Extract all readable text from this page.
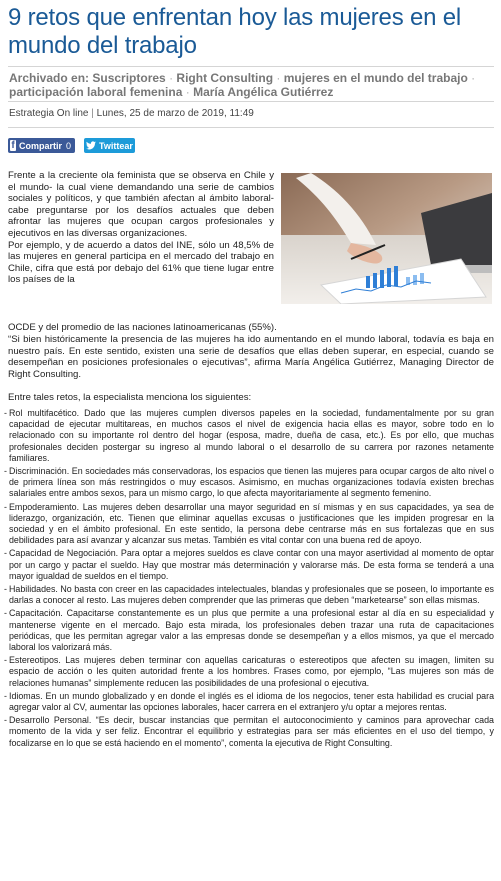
9 retos que enfrentan hoy las mujeres en el mundo del trabajo
Archivado en: Suscriptores · Right Consulting · mujeres en el mundo del trabajo · participación laboral femenina · María Angélica Gutiérrez
Estrategia On line | Lunes, 25 de marzo de 2019, 11:49
f Compartir 0	Twittear

Frente a la creciente ola feminista que se observa en Chile y el mundo- la cual viene demandando una serie de cambios sociales y políticos, y que también afectan al ámbito laboral- cabe preguntarse por los desafíos actuales que deben afrontar las mujeres que ocupan cargos profesionales y ejecutivos en las diversas organizaciones.

Por ejemplo, y de acuerdo a datos del INE, sólo un 48,5% de las mujeres en general participa en el mercado del trabajo en Chile, cifra que está por debajo del 61% que tiene lugar entre los países de la

OCDE y del promedio de las naciones latinoamericanas (55%).
“Si bien históricamente la presencia de las mujeres ha ido aumentando en el mundo laboral, todavía es baja en nuestro país. En este sentido, existen una serie de desafíos que ellas deben superar, en especial, cuando se desempeñan en posiciones profesionales o ejecutivas”, afirma María Angélica Gutiérrez, Managing Director de Right Consulting.
Entre tales retos, la especialista menciona los siguientes:
- Rol multifacético. Dado que las mujeres cumplen diversos papeles en la sociedad, fundamentalmente por su gran capacidad de ejecutar multitareas, en muchos casos el nivel de exigencia hacia ellas es mayor, sobre todo en lo relacionado con su importante rol dentro del hogar (esposa, madre, dueña de casa, etc.). Es por ello, que muchas profesionales deciden postergar su ingreso al mundo laboral o el desarrollo de su carrera por razones netamente familiares.
- Discriminación. En sociedades más conservadoras, los espacios que tienen las mujeres para ocupar cargos de alto nivel o de primera línea son más restringidos o muy escasos. Asimismo, en muchas organizaciones todavía existen brechas salariales entre ambos sexos, para un mismo cargo, lo que afecta mayoritariamente al segmento femenino.
- Empoderamiento. Las mujeres deben desarrollar una mayor seguridad en sí mismas y en sus capacidades, ya sea de liderazgo, organización, etc. Tienen que eliminar aquellas excusas o justificaciones que les impiden progresar en la sociedad y en el ámbito profesional. En este sentido, la persona debe centrarse más en sus fortalezas que en sus debilidades para así avanzar y alcanzar sus metas. También es vital contar con una buena red de apoyo.
- Capacidad de Negociación. Para optar a mejores sueldos es clave contar con una mayor asertividad al momento de optar por un cargo y pactar el sueldo. Hay que mostrar más determinación y valorarse más. De esta forma se tenderá a una mayor igualdad de sueldos en el tiempo.
- Habilidades. No basta con creer en las capacidades intelectuales, blandas y profesionales que se poseen, lo importante es darlas a conocer al resto. Las mujeres deben comprender que las primeras que deben “marketearse” son ellas mismas.
- Capacitación. Capacitarse constantemente es un plus que permite a una profesional estar al día en su especialidad y mantenerse vigente en el mercado. Bajo esta mirada, los profesionales deben trazar una ruta de capacitaciones periódicas, que les permitan agregar valor a las empresas donde se desempeñan y a ellos mismos, ya que el mercado laboral los valorizará más.
- Estereotipos. Las mujeres deben terminar con aquellas caricaturas o estereotipos que afecten su imagen, limiten su espacio de acción o les quiten autoridad frente a los hombres. Frases como, por ejemplo, “Las mujeres son más de relaciones humanas” simplemente reducen las posibilidades de una profesional o ejecutiva.
- Idiomas. En un mundo globalizado y en donde el inglés es el idioma de los negocios, tener esta habilidad es crucial para agregar valor al CV, aumentar las opciones laborales, hacer carrera en el extranjero y/u optar a mejores rentas.
- Desarrollo Personal. “Es decir, buscar instancias que permitan el autoconocimiento y caminos para aprovechar cada momento de la vida y ser feliz. Encontrar el equilibrio y estrategias para ser más eficientes en el uso del tiempo, y focalizarse en lo que se está haciendo en el momento”, comenta la ejecutiva de Right Consulting.
